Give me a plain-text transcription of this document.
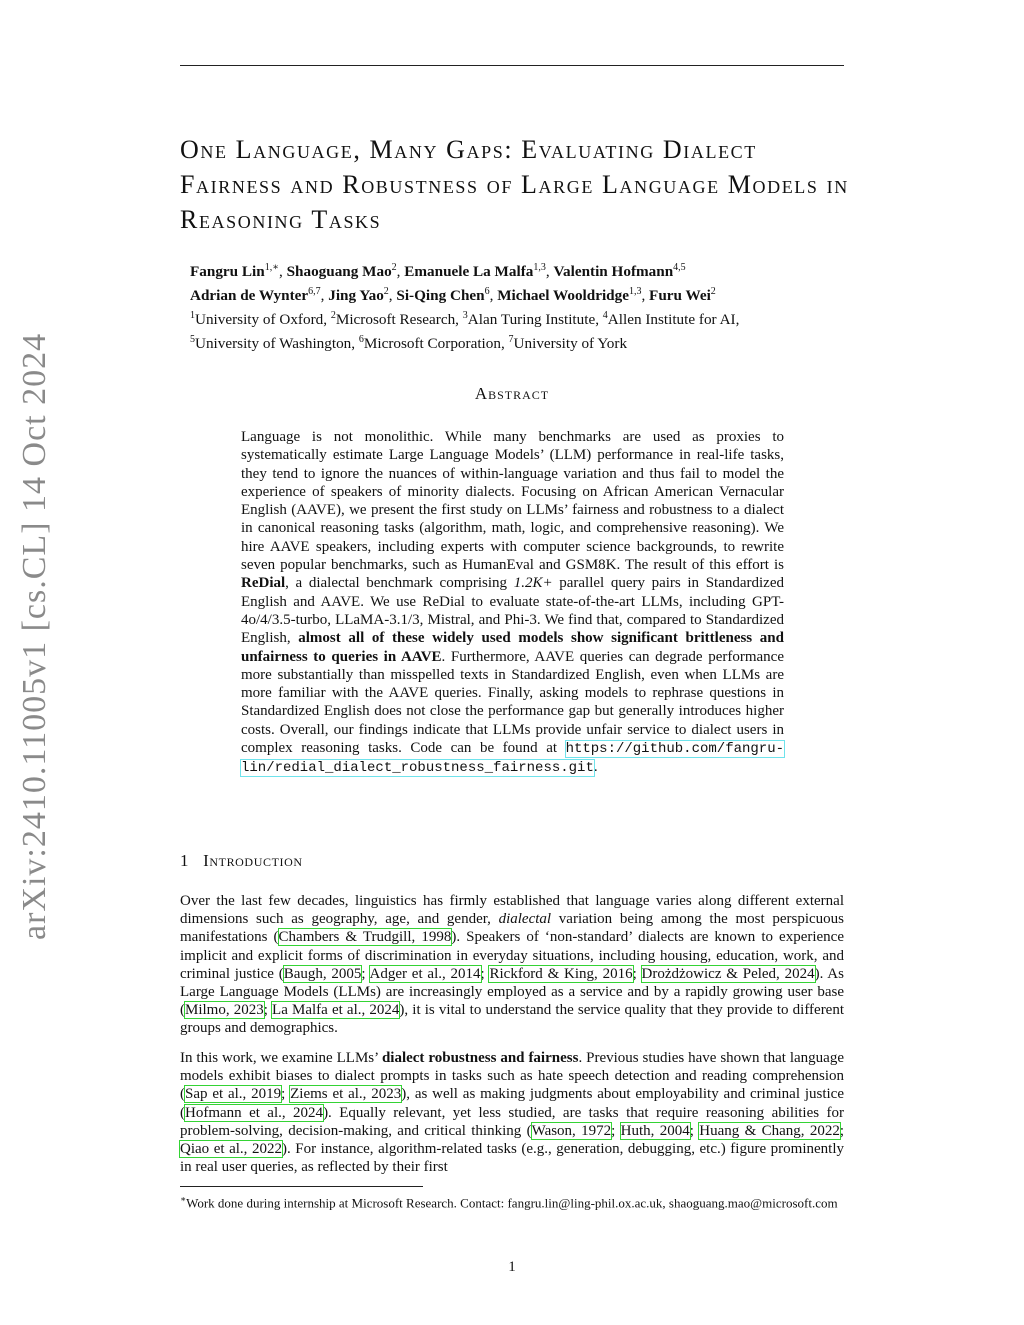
arXiv:2410.11005v1 [cs.CL] 14 Oct 2024
One Language, Many Gaps: Evaluating Dialect Fairness and Robustness of Large Language Models in Reasoning Tasks
Fangru Lin$^{1,∗}$, Shaoguang Mao$^2$, Emanuele La Malfa$^{1,3}$, Valentin Hofmann$^{4,5}$
Adrian de Wynter$^{6,7}$, Jing Yao$^2$, Si-Qing Chen$^6$, Michael Wooldridge$^{1,3}$, Furu Wei$^2$
$^1$University of Oxford, $^2$Microsoft Research, $^3$Alan Turing Institute, $^4$Allen Institute for AI,
$^5$University of Washington, $^6$Microsoft Corporation, $^7$University of York
Abstract
Language is not monolithic. While many benchmarks are used as proxies to systematically estimate Large Language Models’ (LLM) performance in real-life tasks, they tend to ignore the nuances of within-language variation and thus fail to model the experience of speakers of minority dialects. Focusing on African American Vernacular English (AAVE), we present the first study on LLMs’ fairness and robustness to a dialect in canonical reasoning tasks (algorithm, math, logic, and comprehensive reasoning). We hire AAVE speakers, including experts with computer science backgrounds, to rewrite seven popular benchmarks, such as HumanEval and GSM8K. The result of this effort is ReDial, a dialectal benchmark comprising 1.2K+ parallel query pairs in Standardized English and AAVE. We use ReDial to evaluate state-of-the-art LLMs, including GPT-4o/4/3.5-turbo, LLaMA-3.1/3, Mistral, and Phi-3. We find that, compared to Standardized English, almost all of these widely used models show significant brittleness and unfairness to queries in AAVE. Furthermore, AAVE queries can degrade performance more substantially than misspelled texts in Standardized English, even when LLMs are more familiar with the AAVE queries. Finally, asking models to rephrase questions in Standardized English does not close the performance gap but generally introduces higher costs. Overall, our findings indicate that LLMs provide unfair service to dialect users in complex reasoning tasks. Code can be found at https://github.com/fangru-lin/redial_dialect_robustness_fairness.git.
1 Introduction
Over the last few decades, linguistics has firmly established that language varies along different external dimensions such as geography, age, and gender, dialectal variation being among the most perspicuous manifestations (Chambers & Trudgill, 1998). Speakers of ‘non-standard’ dialects are known to experience implicit and explicit forms of discrimination in everyday situations, including housing, education, work, and criminal justice (Baugh, 2005; Adger et al., 2014; Rickford & King, 2016; Drożdżowicz & Peled, 2024). As Large Language Models (LLMs) are increasingly employed as a service and by a rapidly growing user base (Milmo, 2023; La Malfa et al., 2024), it is vital to understand the service quality that they provide to different groups and demographics.
In this work, we examine LLMs’ dialect robustness and fairness. Previous studies have shown that language models exhibit biases to dialect prompts in tasks such as hate speech detection and reading comprehension (Sap et al., 2019; Ziems et al., 2023), as well as making judgments about employability and criminal justice (Hofmann et al., 2024). Equally relevant, yet less studied, are tasks that require reasoning abilities for problem-solving, decision-making, and critical thinking (Wason, 1972; Huth, 2004; Huang & Chang, 2022; Qiao et al., 2022). For instance, algorithm-related tasks (e.g., generation, debugging, etc.) figure prominently in real user queries, as reflected by their first
∗Work done during internship at Microsoft Research. Contact: fangru.lin@ling-phil.ox.ac.uk, shaoguang.mao@microsoft.com
1
